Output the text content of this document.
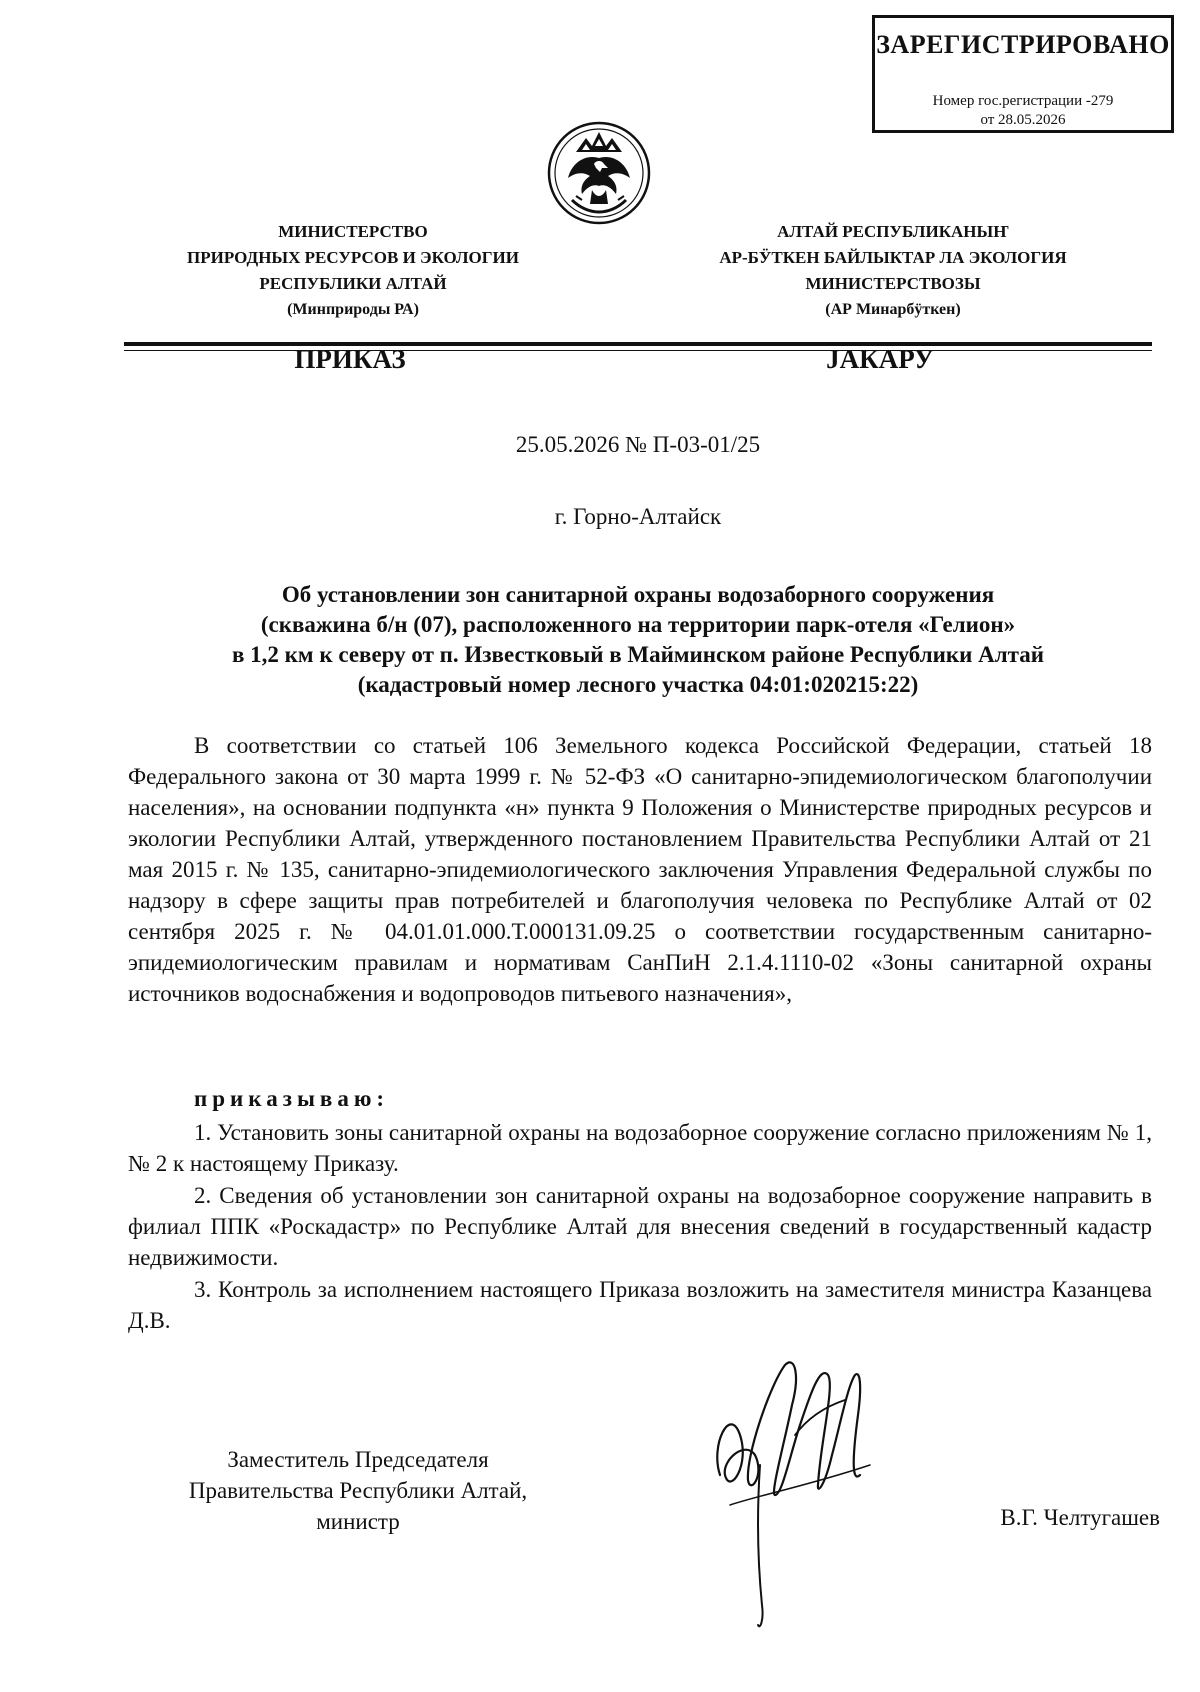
ЗАРЕГИСТРИРОВАНО
Номер гос.регистрации -279
от 28.05.2026
МИНИСТЕРСТВО
ПРИРОДНЫХ РЕСУРСОВ И ЭКОЛОГИИ
РЕСПУБЛИКИ АЛТАЙ
(Минприроды РА)
АЛТАЙ РЕСПУБЛИКАНЫҤ
АР-БӰТКЕН БАЙЛЫКТАР ЛА ЭКОЛОГИЯ
МИНИСТЕРСТВОЗЫ
(АР Минарбӱткен)
ПРИКАЗ	ЈАКАРУ
25.05.2026 № П-03-01/25
г. Горно-Алтайск
Об установлении зон санитарной охраны водозаборного сооружения
(скважина б/н (07), расположенного на территории парк-отеля «Гелион»
в 1,2 км к северу от п. Известковый в Майминском районе Республики Алтай
(кадастровый номер лесного участка 04:01:020215:22)
В соответствии со статьей 106 Земельного кодекса Российской Федерации, статьей 18 Федерального закона от 30 марта 1999 г. № 52-ФЗ «О санитарно-эпидемиологическом благополучии населения», на основании подпункта «н» пункта 9 Положения о Министерстве природных ресурсов и экологии Республики Алтай, утвержденного постановлением Правительства Республики Алтай от 21 мая 2015 г. № 135, санитарно-эпидемиологического заключения Управления Федеральной службы по надзору в сфере защиты прав потребителей и благополучия человека по Республике Алтай от 02 сентября 2025 г. № 04.01.01.000.Т.000131.09.25 о соответствии государственным санитарно-эпидемиологическим правилам и нормативам СанПиН 2.1.4.1110-02 «Зоны санитарной охраны источников водоснабжения и водопроводов питьевого назначения»,
приказываю:
1. Установить зоны санитарной охраны на водозаборное сооружение согласно приложениям № 1, № 2 к настоящему Приказу.
2. Сведения об установлении зон санитарной охраны на водозаборное сооружение направить в филиал ППК «Роскадастр» по Республике Алтай для внесения сведений в государственный кадастр недвижимости.
3. Контроль за исполнением настоящего Приказа возложить на заместителя министра Казанцева Д.В.
Заместитель Председателя
Правительства Республики Алтай,
министр	В.Г. Челтугашев
